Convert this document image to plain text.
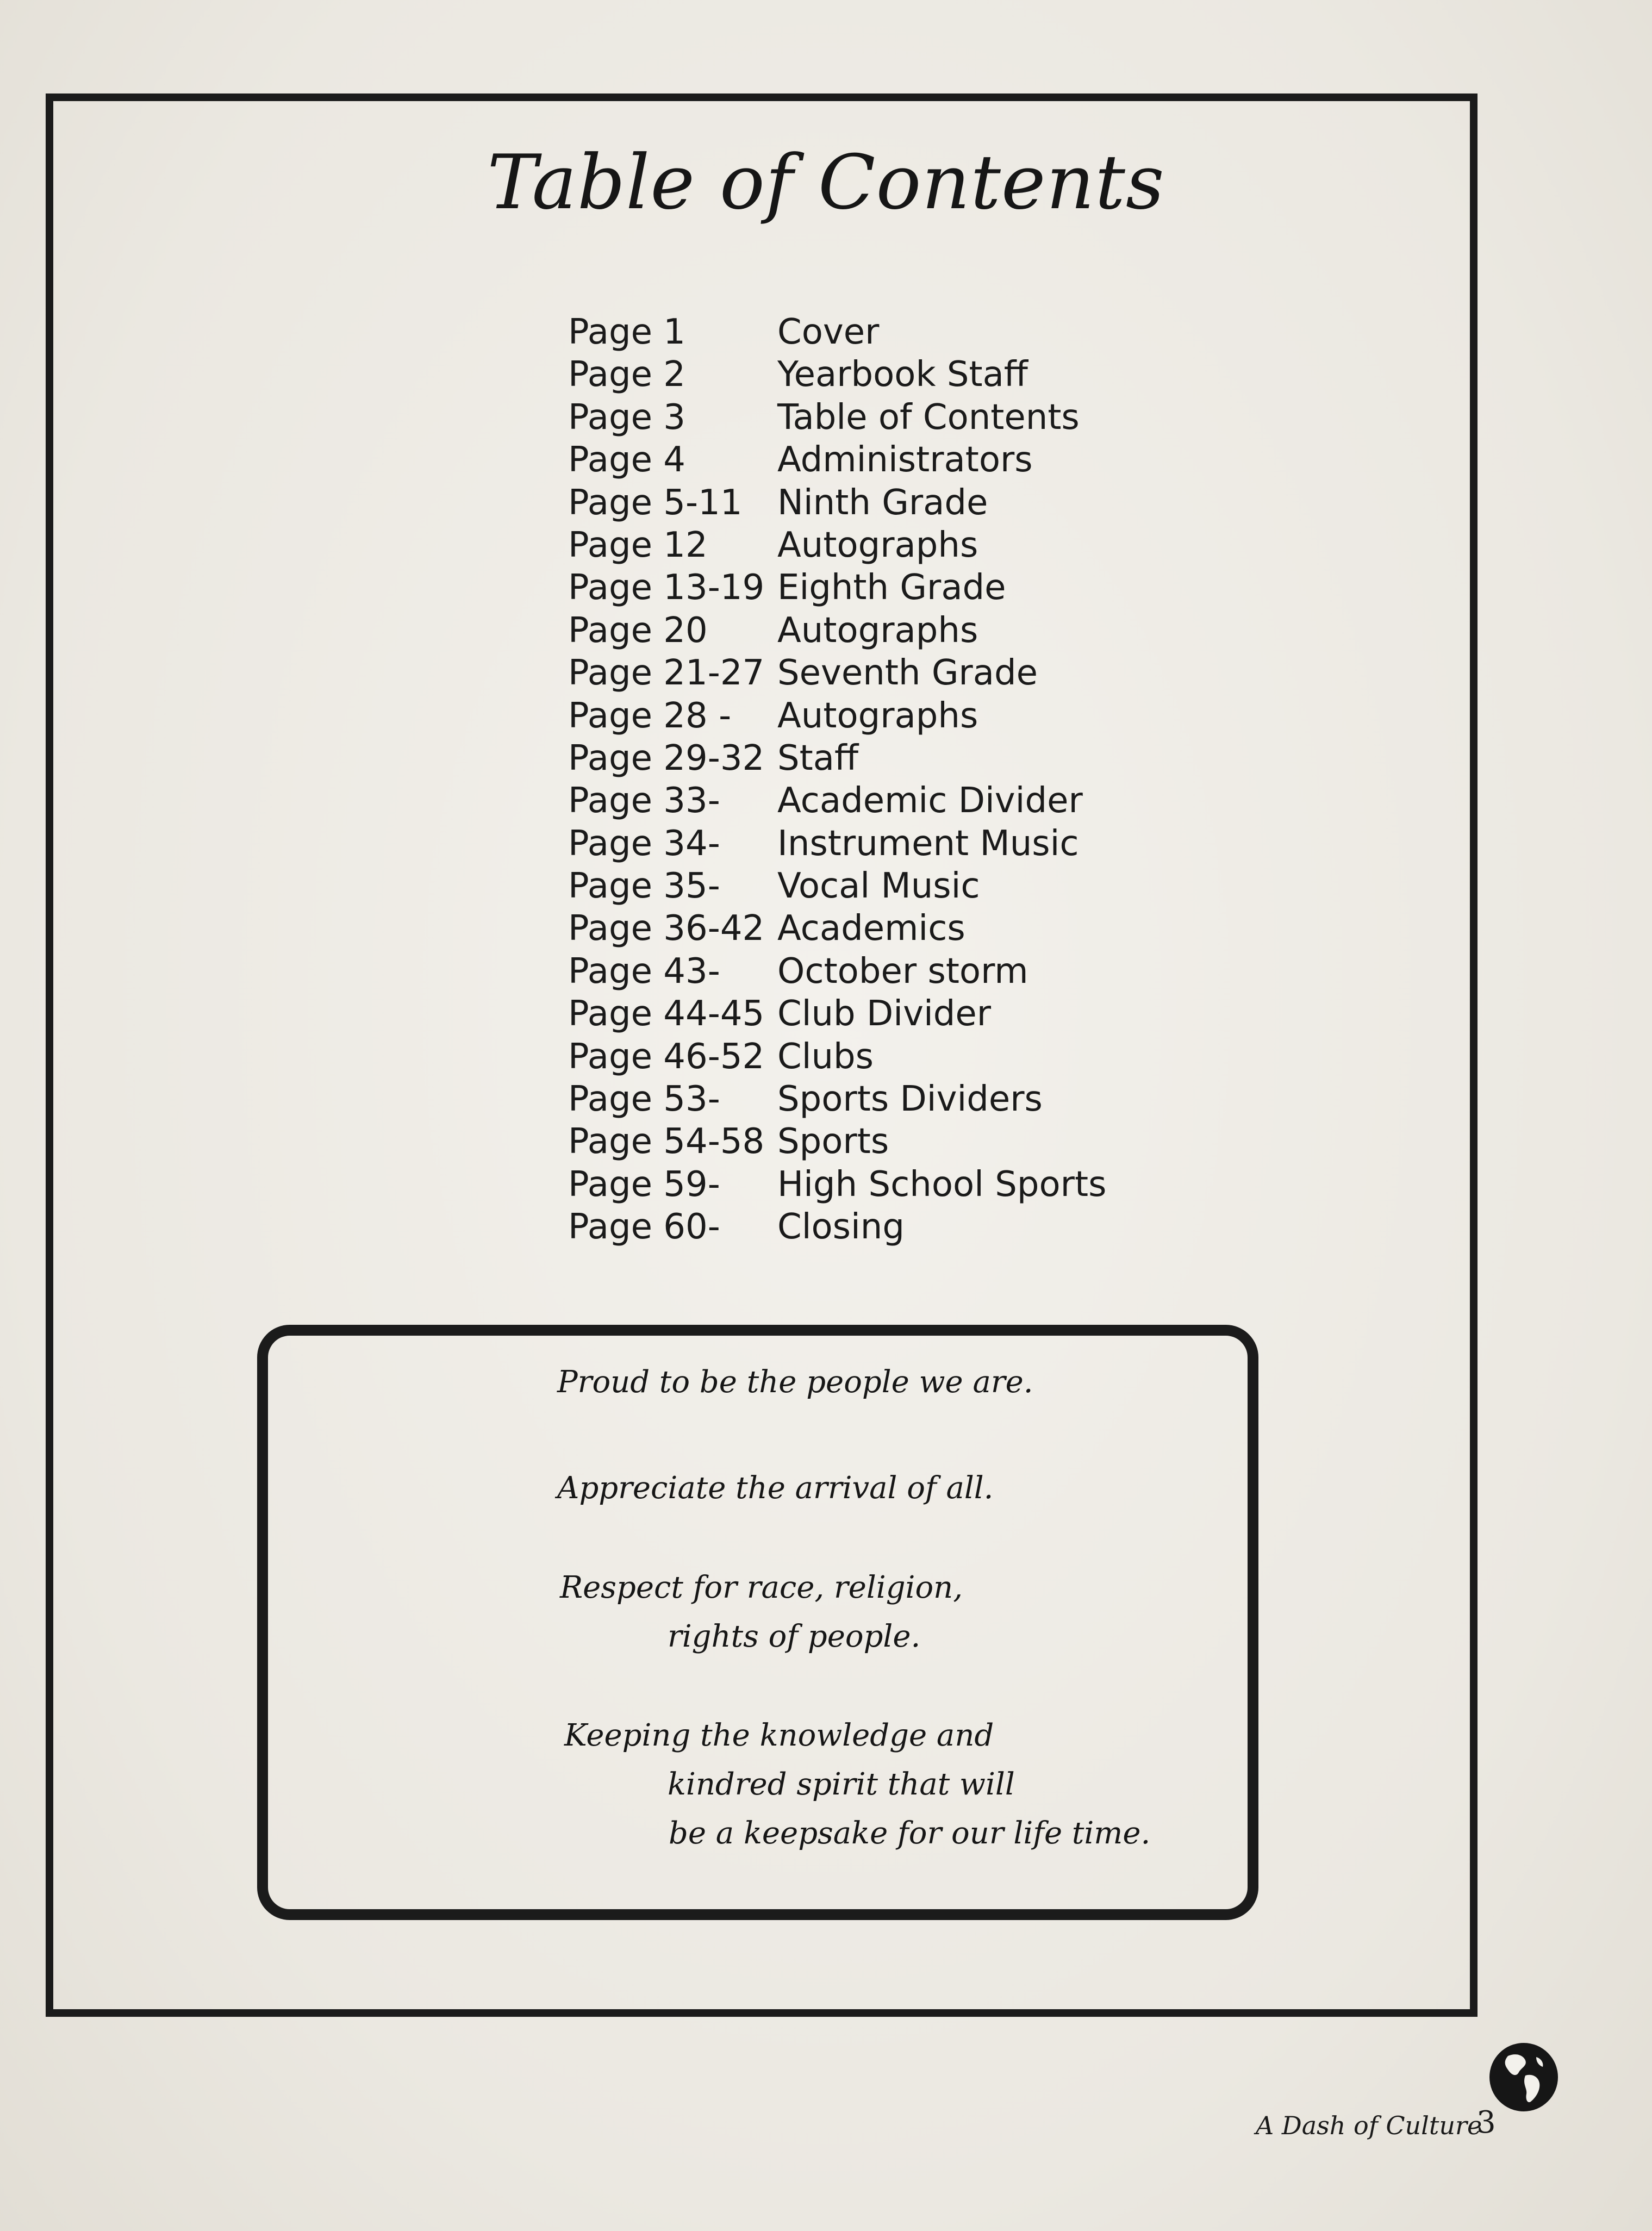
Table of Contents
Page 1	Cover
Page 2	Yearbook Staff
Page 3	Table of Contents
Page 4	Administrators
Page 5-11	Ninth Grade
Page 12	Autographs
Page 13-19 Eighth Grade
Page 20	Autographs
Page 21-27 Seventh Grade
Page 28 -	Autographs
Page 29-32 Staff
Page 33-	Academic Divider
Page 34-	Instrument Music
Page 35-	Vocal Music
Page 36-42 Academics
Page 43-	October storm
Page 44-45 Club Divider
Page 46-52 Clubs
Page 53-	Sports Dividers
Page 54-58 Sports
Page 59-	High School Sports
Page 60-	Closing
Proud to be the people we are.
Appreciate the arrival of all.
Respect for race, religion,
rights of people.
Keeping the knowledge and
kindred spirit that will
be a keepsake for our life time.
A Dash of Culture
3
